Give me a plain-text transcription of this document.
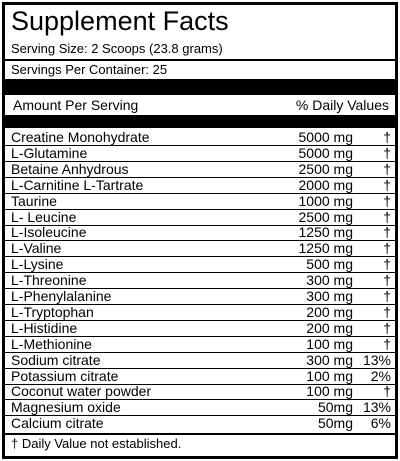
Supplement Facts
Serving Size: 2 Scoops (23.8 grams)
Servings Per Container: 25
Amount Per Serving	% Daily Values
Creatine Monohydrate	5000 mg †
L-Glutamine	5000 mg †
Betaine Anhydrous	2500 mg †
L-Carnitine L-Tartrate	2000 mg †
Taurine	1000 mg †
L- Leucine	2500 mg †
L-Isoleucine	1250 mg †
L-Valine	1250 mg †
L-Lysine	500 mg †
L-Threonine	300 mg †
L-Phenylalanine	300 mg †
L-Tryptophan	200 mg †
L-Histidine	200 mg †
L-Methionine	100 mg †
Sodium citrate	300 mg 13%
Potassium citrate	100 mg 2%
Coconut water powder	100 mg †
Magnesium oxide	50mg 13%
Calcium citrate	50mg 6%
† Daily Value not established.
